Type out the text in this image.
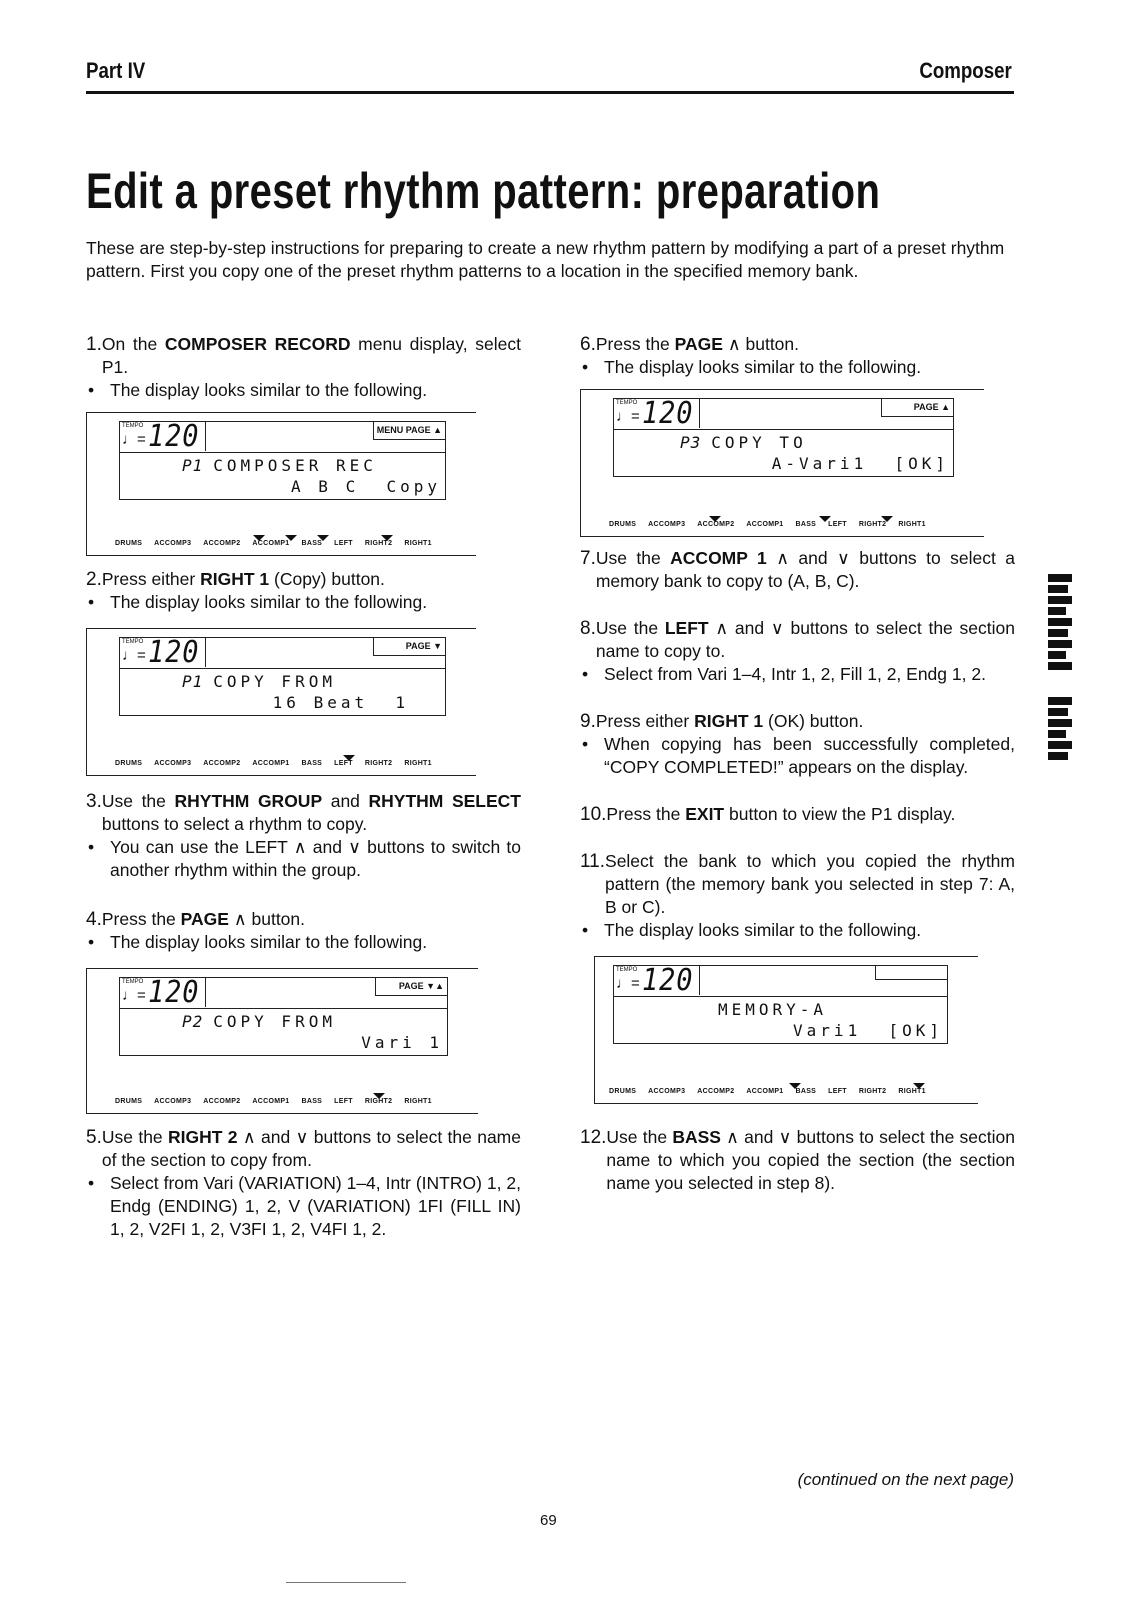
Part IV	Composer
Edit a preset rhythm pattern: preparation
These are step-by-step instructions for preparing to create a new rhythm pattern by modifying a part of a preset rhythm pattern. First you copy one of the preset rhythm patterns to a location in the specified memory bank.
1. On the COMPOSER RECORD menu display, select P1.
• The display looks similar to the following.
TEMPO
♩= 120	MENU PAGE ▲
P1 COMPOSER REC
A B C  Copy
DRUMS ACCOMP3 ACCOMP2 ACCOMP1 BASS LEFT RIGHT2 RIGHT1
2. Press either RIGHT 1 (Copy) button.
• The display looks similar to the following.
TEMPO
♩= 120	PAGE ▼
P1 COPY FROM
16 Beat  1
DRUMS ACCOMP3 ACCOMP2 ACCOMP1 BASS LEFT RIGHT2 RIGHT1
3. Use the RHYTHM GROUP and RHYTHM SELECT buttons to select a rhythm to copy.
• You can use the LEFT ∧ and ∨ buttons to switch to another rhythm within the group.
4. Press the PAGE ∧ button.
• The display looks similar to the following.
TEMPO
♩= 120	PAGE ▼▲
P2 COPY FROM
Vari 1
DRUMS ACCOMP3 ACCOMP2 ACCOMP1 BASS LEFT RIGHT2 RIGHT1
5. Use the RIGHT 2 ∧ and ∨ buttons to select the name of the section to copy from.
• Select from Vari (VARIATION) 1–4, Intr (INTRO) 1, 2, Endg (ENDING) 1, 2, V (VARIATION) 1FI (FILL IN) 1, 2, V2FI 1, 2, V3FI 1, 2, V4FI 1, 2.
6. Press the PAGE ∧ button.
• The display looks similar to the following.
TEMPO
♩= 120	PAGE ▲
P3 COPY TO
A-Vari1  [OK]
DRUMS ACCOMP3 ACCOMP2 ACCOMP1 BASS LEFT RIGHT2 RIGHT1
7. Use the ACCOMP 1 ∧ and ∨ buttons to select a memory bank to copy to (A, B, C).
8. Use the LEFT ∧ and ∨ buttons to select the section name to copy to.
• Select from Vari 1–4, Intr 1, 2, Fill 1, 2, Endg 1, 2.
9. Press either RIGHT 1 (OK) button.
• When copying has been successfully completed, “COPY COMPLETED!” appears on the display.
10. Press the EXIT button to view the P1 display.
11. Select the bank to which you copied the rhythm pattern (the memory bank you selected in step 7: A, B or C).
• The display looks similar to the following.
TEMPO
♩= 120
MEMORY-A
Vari1  [OK]
DRUMS ACCOMP3 ACCOMP2 ACCOMP1 BASS LEFT RIGHT2 RIGHT1
12. Use the BASS ∧ and ∨ buttons to select the section name to which you copied the section (the section name you selected in step 8).
(continued on the next page)
69
